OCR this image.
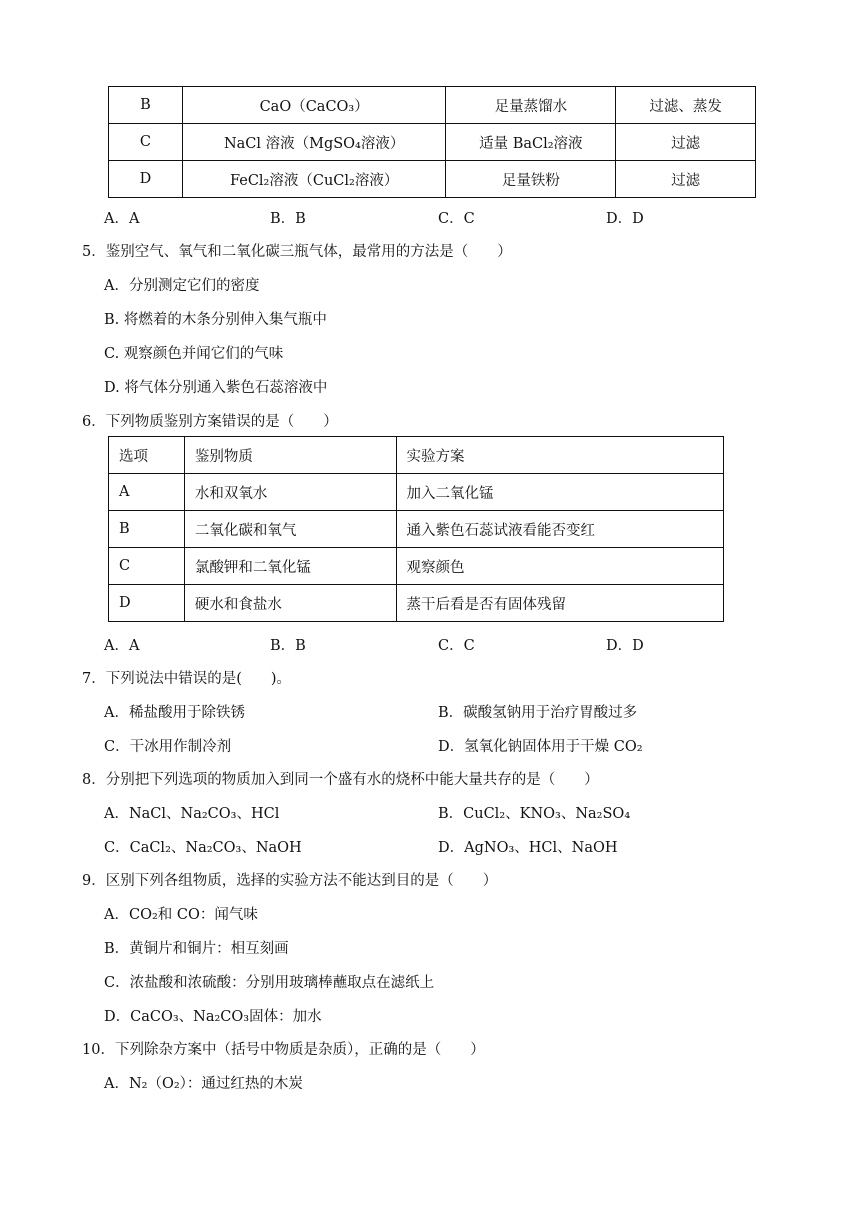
B	CaO（CaCO₃）	足量蒸馏水	过滤、蒸发
C	NaCl 溶液（MgSO₄溶液）	适量 BaCl₂溶液	过滤
D	FeCl₂溶液（CuCl₂溶液）	足量铁粉	过滤
A．A	B．B	C．C	D．D
5．鉴别空气、氧气和二氧化碳三瓶气体，最常用的方法是（　　）
A．分别测定它们的密度
B. 将燃着的木条分别伸入集气瓶中
C. 观察颜色并闻它们的气味
D. 将气体分别通入紫色石蕊溶液中
6．下列物质鉴别方案错误的是（　　）
选项	鉴别物质	实验方案
A	水和双氧水	加入二氧化锰
B	二氧化碳和氧气	通入紫色石蕊试液看能否变红
C	氯酸钾和二氧化锰	观察颜色
D	硬水和食盐水	蒸干后看是否有固体残留
A．A	B．B	C．C	D．D
7．下列说法中错误的是(　　)。
A．稀盐酸用于除铁锈	B．碳酸氢钠用于治疗胃酸过多
C．干冰用作制冷剂	D．氢氧化钠固体用于干燥 CO₂
8．分别把下列选项的物质加入到同一个盛有水的烧杯中能大量共存的是（　　）
A．NaCl、Na₂CO₃、HCl	B．CuCl₂、KNO₃、Na₂SO₄
C．CaCl₂、Na₂CO₃、NaOH	D．AgNO₃、HCl、NaOH
9．区别下列各组物质，选择的实验方法不能达到目的是（　　）
A．CO₂和 CO：闻气味
B．黄铜片和铜片：相互刻画
C．浓盐酸和浓硫酸：分别用玻璃棒蘸取点在滤纸上
D．CaCO₃、Na₂CO₃固体：加水
10．下列除杂方案中（括号中物质是杂质），正确的是（　　）
A．N₂（O₂）：通过红热的木炭
